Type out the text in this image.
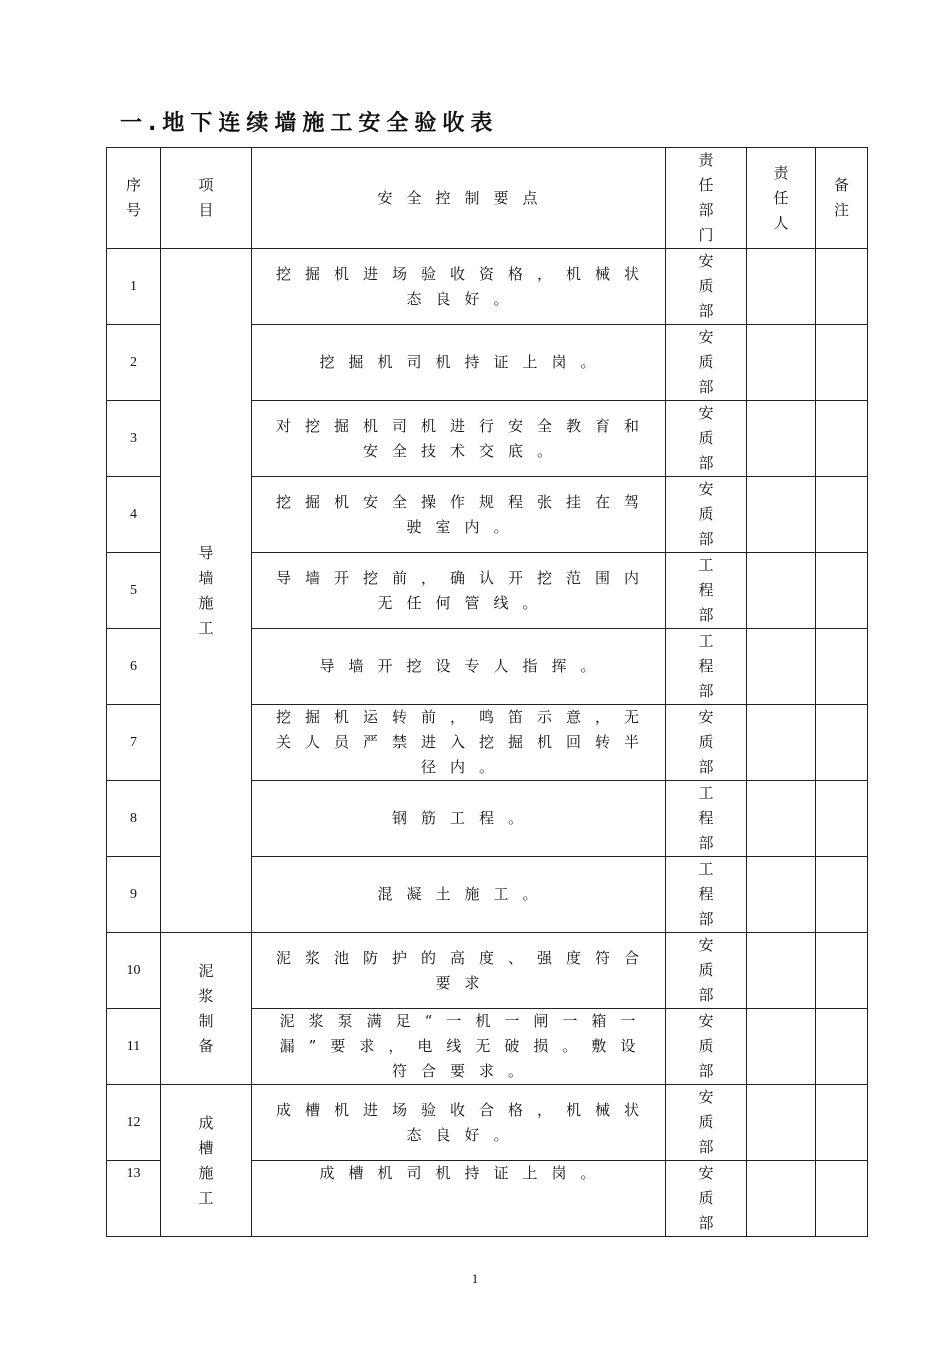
一.地下连续墙施工安全验收表
序号	项目	安全控制要点	责任部门	责任人	备注
1	导墙施工	挖掘机进场验收资格，机械状态良好。	安质部		
2		挖掘机司机持证上岗。	安质部		
3		对挖掘机司机进行安全教育和安全技术交底。	安质部		
4		挖掘机安全操作规程张挂在驾驶室内。	安质部		
5		导墙开挖前，确认开挖范围内无任何管线。	工程部		
6		导墙开挖设专人指挥。	工程部		
7		挖掘机运转前，鸣笛示意，无关人员严禁进入挖掘机回转半径内。	安质部		
8		钢筋工程。	工程部		
9		混凝土施工。	工程部		
10	泥浆制备	泥浆池防护的高度、强度符合要求	安质部		
11		泥浆泵满足“一机一闸一箱一漏”要求，电线无破损。敷设符合要求。	安质部		
12	成槽施工	成槽机进场验收合格，机械状态良好。	安质部		
13		成槽机司机持证上岗。	安质部		
1
